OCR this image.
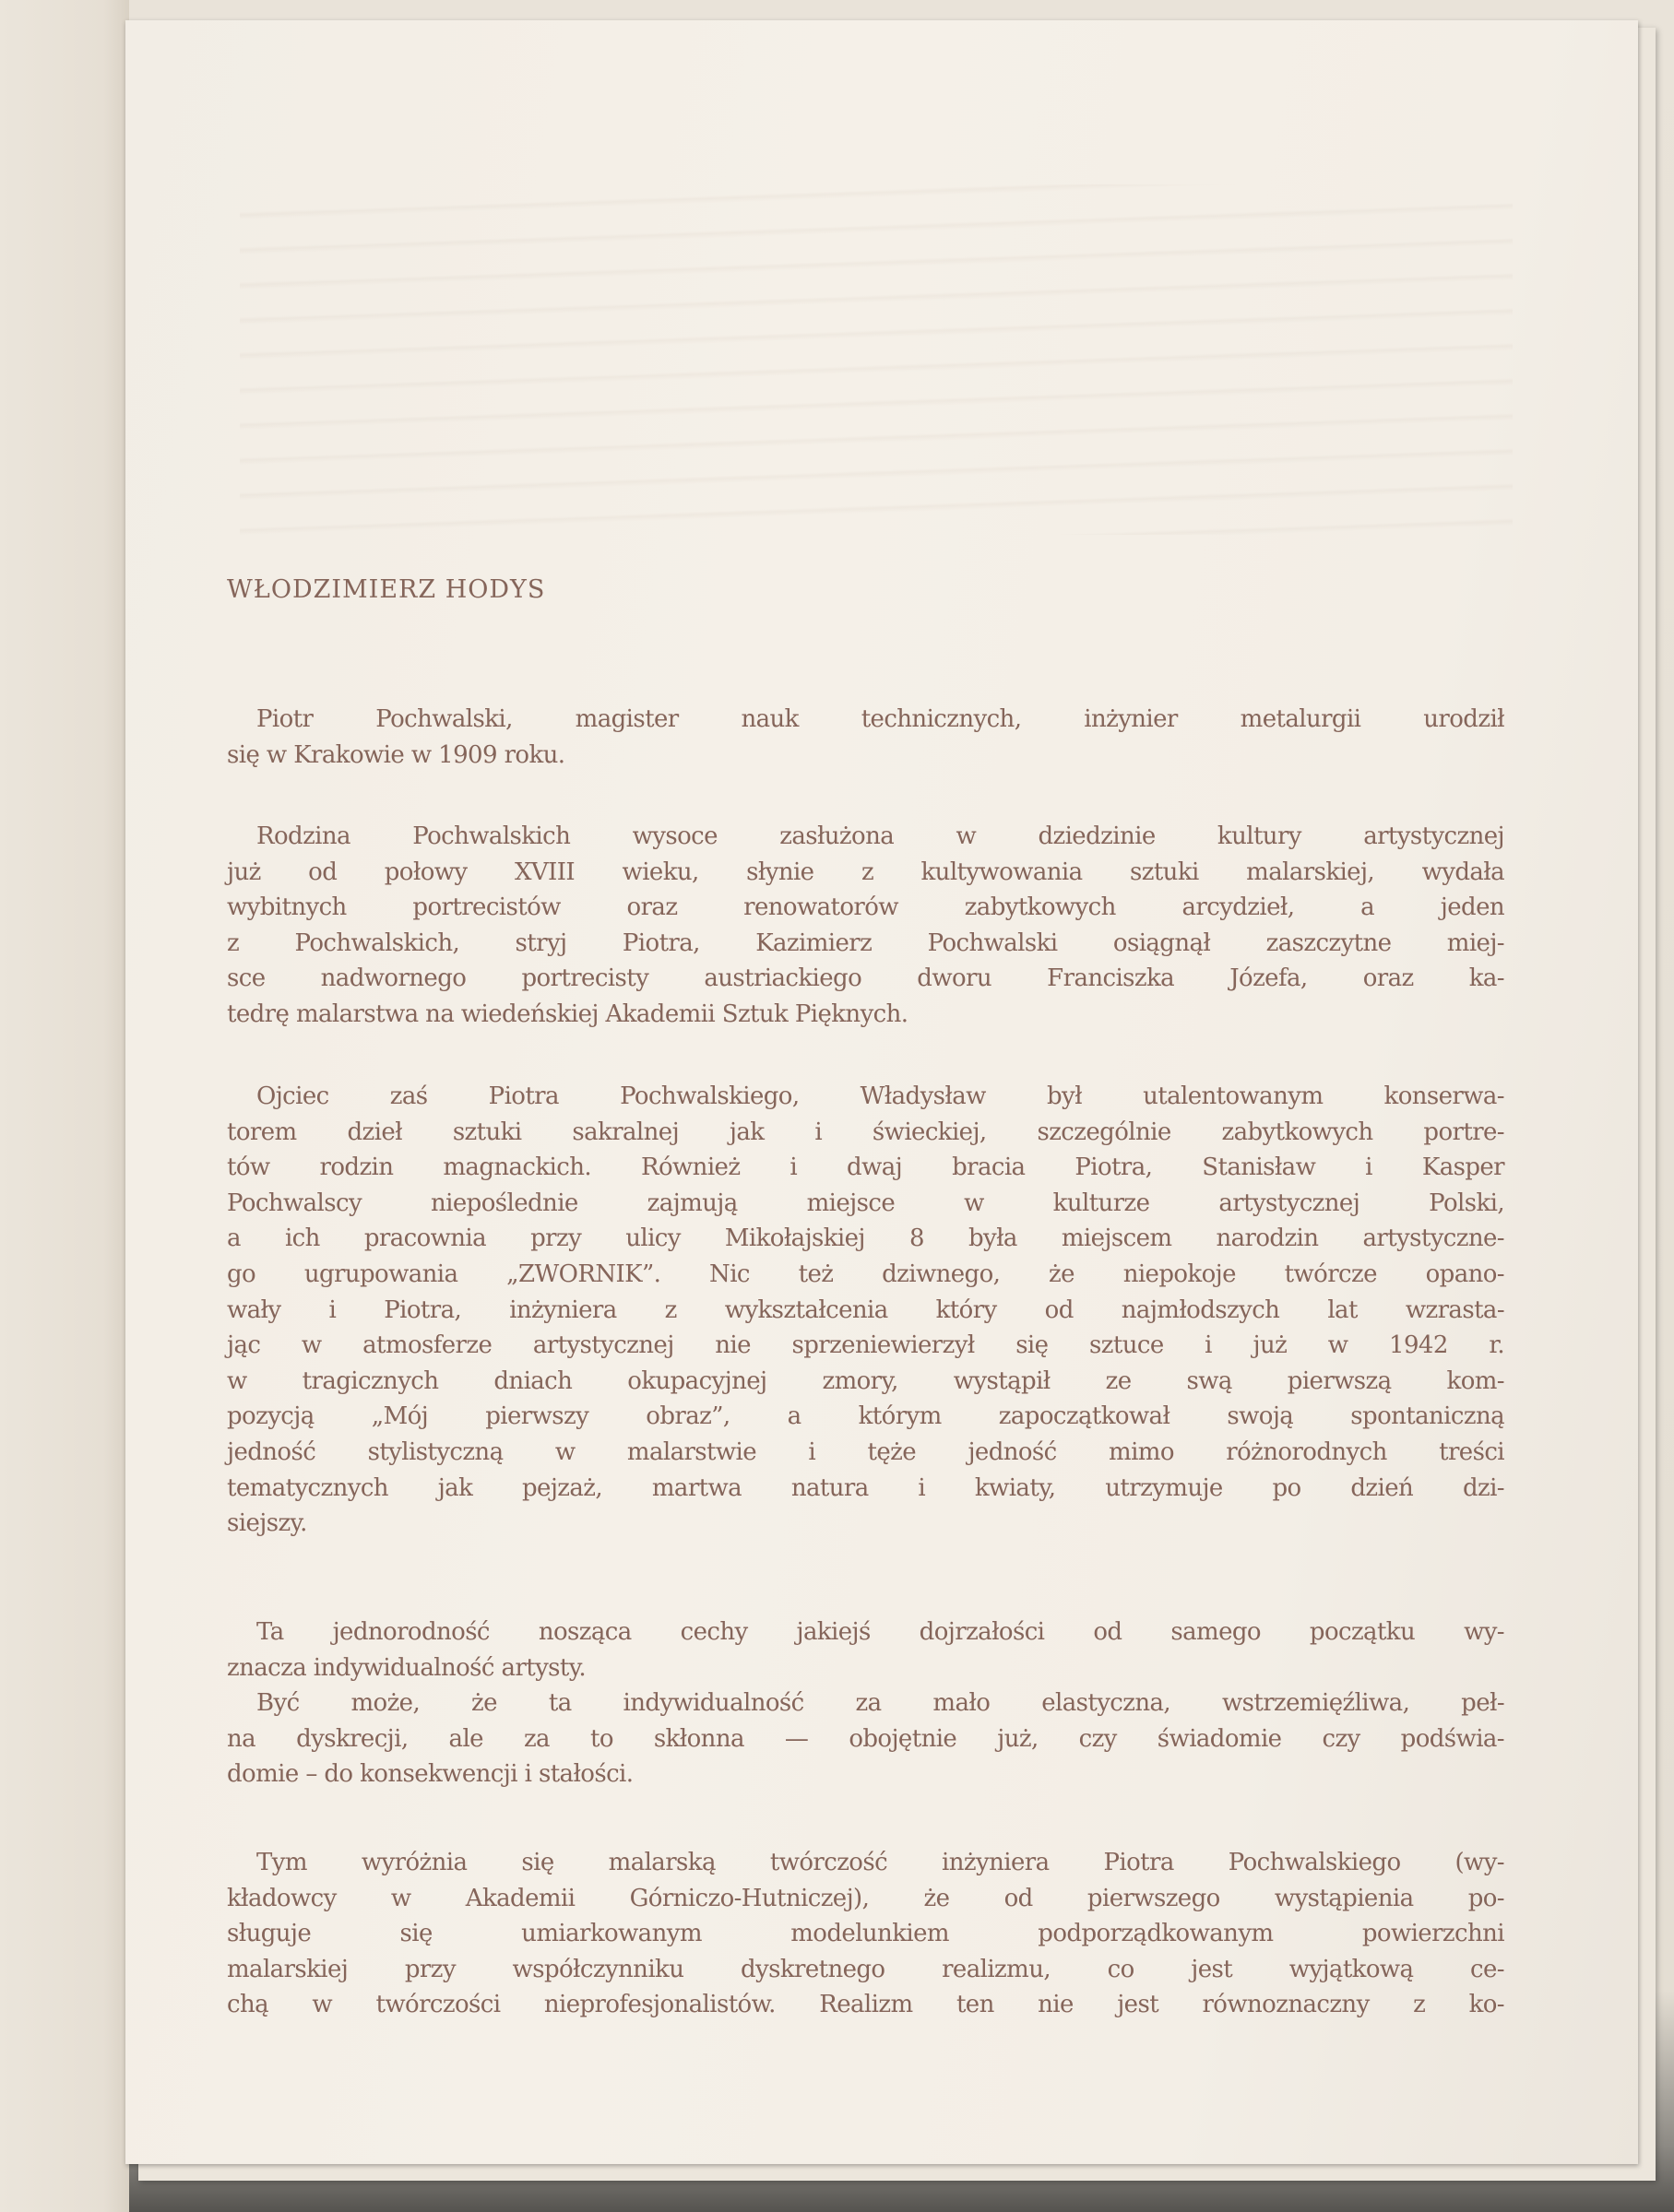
WŁODZIMIERZ HODYS
Piotr Pochwalski, magister nauk technicznych, inżynier metalurgii urodził
się w Krakowie w 1909 roku.
Rodzina Pochwalskich wysoce zasłużona w dziedzinie kultury artystycznej
już od połowy XVIII wieku, słynie z kultywowania sztuki malarskiej, wydała
wybitnych portrecistów oraz renowatorów zabytkowych arcydzieł, a jeden
z Pochwalskich, stryj Piotra, Kazimierz Pochwalski osiągnął zaszczytne miej-
sce nadwornego portrecisty austriackiego dworu Franciszka Józefa, oraz ka-
tedrę malarstwa na wiedeńskiej Akademii Sztuk Pięknych.
Ojciec zaś Piotra Pochwalskiego, Władysław był utalentowanym konserwa-
torem dzieł sztuki sakralnej jak i świeckiej, szczególnie zabytkowych portre-
tów rodzin magnackich. Również i dwaj bracia Piotra, Stanisław i Kasper
Pochwalscy niepoślednie zajmują miejsce w kulturze artystycznej Polski,
a ich pracownia przy ulicy Mikołajskiej 8 była miejscem narodzin artystyczne-
go ugrupowania „ZWORNIK”. Nic też dziwnego, że niepokoje twórcze opano-
wały i Piotra, inżyniera z wykształcenia który od najmłodszych lat wzrasta-
jąc w atmosferze artystycznej nie sprzeniewierzył się sztuce i już w 1942 r.
w tragicznych dniach okupacyjnej zmory, wystąpił ze swą pierwszą kom-
pozycją „Mój pierwszy obraz”, a którym zapoczątkował swoją spontaniczną
jedność stylistyczną w malarstwie i tęże jedność mimo różnorodnych treści
tematycznych jak pejzaż, martwa natura i kwiaty, utrzymuje po dzień dzi-
siejszy.
Ta jednorodność nosząca cechy jakiejś dojrzałości od samego początku wy-
znacza indywidualność artysty.
Być może, że ta indywidualność za mało elastyczna, wstrzemięźliwa, peł-
na dyskrecji, ale za to skłonna — obojętnie już, czy świadomie czy podświa-
domie – do konsekwencji i stałości.
Tym wyróżnia się malarską twórczość inżyniera Piotra Pochwalskiego (wy-
kładowcy w Akademii Górniczo-Hutniczej), że od pierwszego wystąpienia po-
sługuje się umiarkowanym modelunkiem podporządkowanym powierzchni
malarskiej przy współczynniku dyskretnego realizmu, co jest wyjątkową ce-
chą w twórczości nieprofesjonalistów. Realizm ten nie jest równoznaczny z ko-
